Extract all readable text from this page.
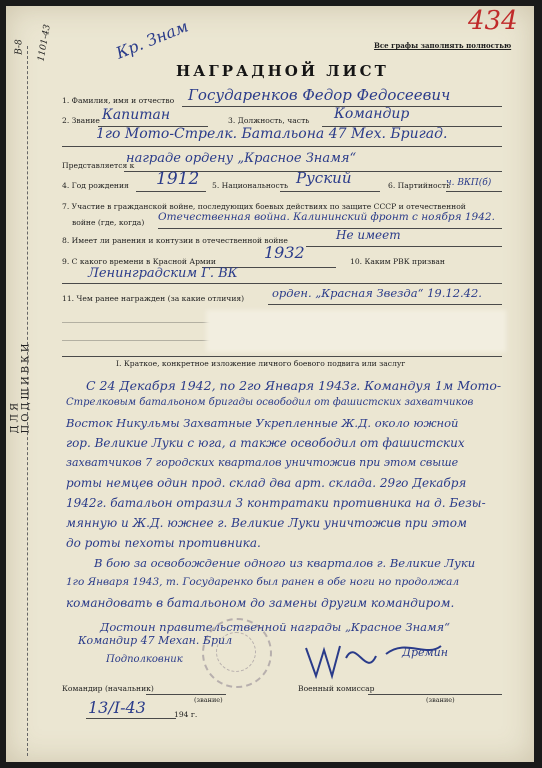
ДЛЯ ПОДШИВКИ
В-8 1101-43	Кр. Знам	434
Все графы заполнять полностью
НАГРАДНОЙ ЛИСТ
1. Фамилия, имя и отчество Государенков Федор Федосеевич
2. Звание Капитан	3. Должность, часть Командир
1го Мото-Стрелк. Батальона 47 Мех. Бригад.
Представляется к
награде ордену „Красное Знамя“
4. Год рождения 1912 5. Национальность Руский	6. Партийность
ч. ВКП(б)
7. Участие в гражданской войне, последующих боевых действиях по защите СССР и отечественной
войне (где, когда) Отечественная война. Калининский фронт с ноября 1942.
8. Имеет ли ранения и контузии в отечественной войне	Не имеет
9. С какого времени в Красной Армии	1932	10. Каким РВК призван
Ленинградским Г. ВК
11. Чем ранее награжден (за какие отличия) орден. „Красная Звезда“ 19.12.42.
I. Краткое, конкретное изложение личного боевого подвига или заслуг
С 24 Декабря 1942, по 2го Января 1943г. Командуя 1м Мото-
Стрелковым батальоном бригады освободил от фашистских захватчиков
Восток Никульмы Захватные Укрепленные Ж.Д. около южной
гор. Великие Луки с юга, а также освободил от фашистских
захватчиков 7 городских кварталов уничтожив при этом свыше
роты немцев один прод. склад два арт. склада. 29го Декабря
1942г. батальон отразил 3 контратаки противника на д. Безы-
мянную и Ж.Д. южнее г. Великие Луки уничтожив при этом
до роты пехоты противника.
В бою за освобождение одного из кварталов г. Великие Луки
1го Января 1943, т. Государенко был ранен в обе ноги но продолжал
командовать в батальоном до замены другим командиром.
Достоин правительственной награды „Красное Знамя“
Командир 47 Механ. Брил
Подполковник
Дремин
Командир (начальник)
(звание)
Военный комиссар
(звание)
13/I-43	194 г.
